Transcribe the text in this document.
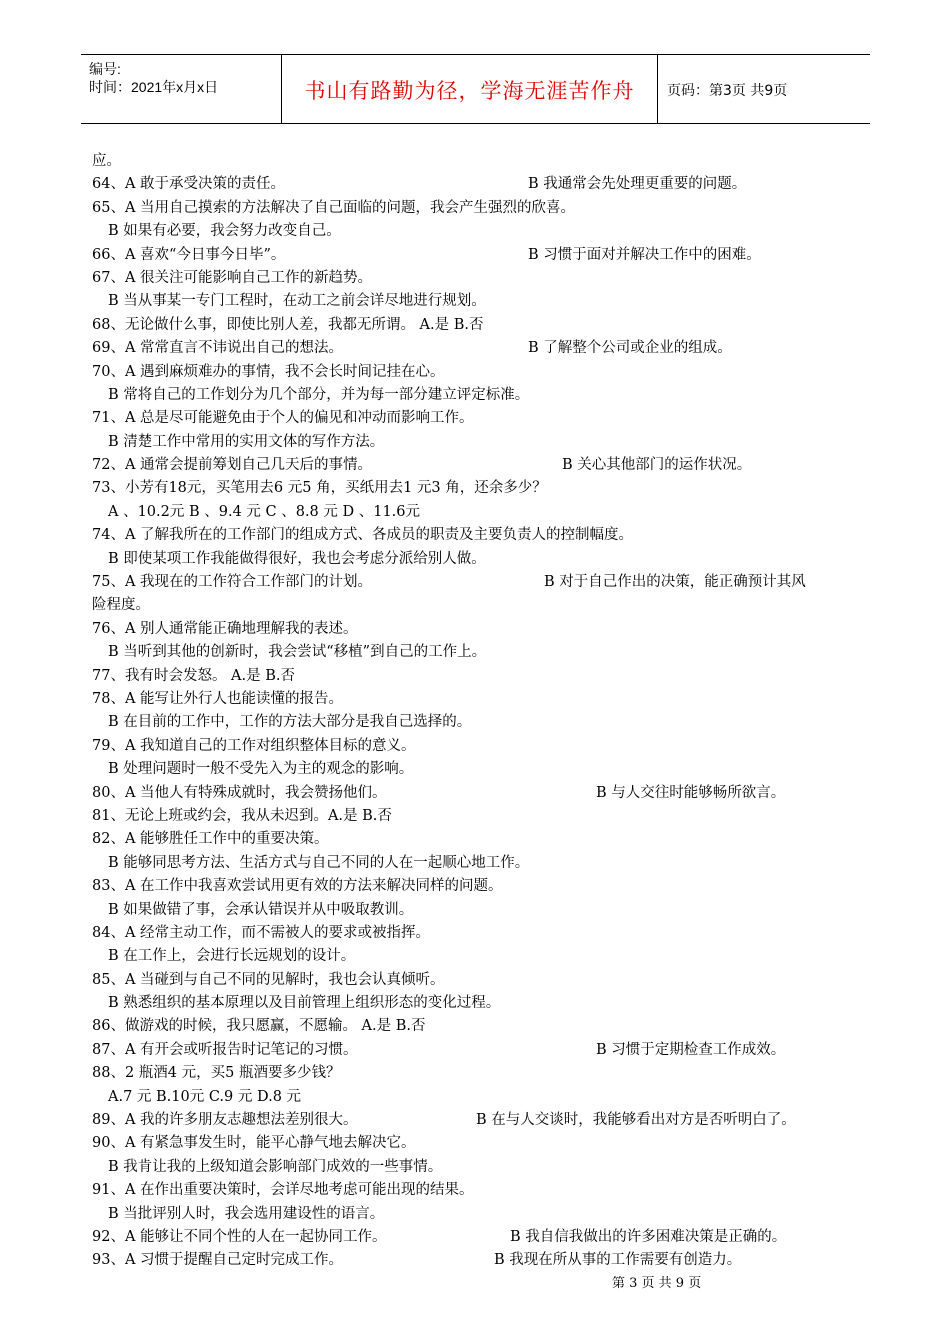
编号:
时间：2021年x月x日	书山有路勤为径，学海无涯苦作舟	页码：第3页 共9页
应。
64、A 敢于承受决策的责任。	B 我通常会先处理更重要的问题。
65、A 当用自己摸索的方法解决了自己面临的问题，我会产生强烈的欣喜。
B 如果有必要，我会努力改变自己。
66、A 喜欢“今日事今日毕”。	B 习惯于面对并解决工作中的困难。
67、A 很关注可能影响自己工作的新趋势。
B 当从事某一专门工程时，在动工之前会详尽地进行规划。
68、无论做什么事，即使比别人差，我都无所谓。 A.是 B.否
69、A 常常直言不讳说出自己的想法。	B 了解整个公司或企业的组成。
70、A 遇到麻烦难办的事情，我不会长时间记挂在心。
B 常将自己的工作划分为几个部分，并为每一部分建立评定标准。
71、A 总是尽可能避免由于个人的偏见和冲动而影响工作。
B 清楚工作中常用的实用文体的写作方法。
72、A 通常会提前筹划自己几天后的事情。	B 关心其他部门的运作状况。
73、小芳有18元，买笔用去6 元5 角，买纸用去1 元3 角，还余多少？
A 、10.2元 B 、9.4 元 C 、8.8 元 D 、11.6元
74、A 了解我所在的工作部门的组成方式、各成员的职责及主要负责人的控制幅度。
B 即使某项工作我能做得很好，我也会考虑分派给别人做。
75、A 我现在的工作符合工作部门的计划。	B 对于自己作出的决策，能正确预计其风
险程度。
76、A 别人通常能正确地理解我的表述。
B 当听到其他的创新时，我会尝试“移植”到自己的工作上。
77、我有时会发怒。 A.是 B.否
78、A 能写让外行人也能读懂的报告。
B 在目前的工作中，工作的方法大部分是我自己选择的。
79、A 我知道自己的工作对组织整体目标的意义。
B 处理问题时一般不受先入为主的观念的影响。
80、A 当他人有特殊成就时，我会赞扬他们。	B 与人交往时能够畅所欲言。
81、无论上班或约会，我从未迟到。A.是 B.否
82、A 能够胜任工作中的重要决策。
B 能够同思考方法、生活方式与自己不同的人在一起顺心地工作。
83、A 在工作中我喜欢尝试用更有效的方法来解决同样的问题。
B 如果做错了事，会承认错误并从中吸取教训。
84、A 经常主动工作，而不需被人的要求或被指挥。
B 在工作上，会进行长远规划的设计。
85、A 当碰到与自己不同的见解时，我也会认真倾听。
B 熟悉组织的基本原理以及目前管理上组织形态的变化过程。
86、做游戏的时候，我只愿赢，不愿输。 A.是 B.否
87、A 有开会或听报告时记笔记的习惯。	B 习惯于定期检查工作成效。
88、2 瓶酒4 元，买5 瓶酒要多少钱？
A.7 元 B.10元 C.9 元 D.8 元
89、A 我的许多朋友志趣想法差别很大。	B 在与人交谈时，我能够看出对方是否听明白了。
90、A 有紧急事发生时，能平心静气地去解决它。
B 我肯让我的上级知道会影响部门成效的一些事情。
91、A 在作出重要决策时，会详尽地考虑可能出现的结果。
B 当批评别人时，我会选用建设性的语言。
92、A 能够让不同个性的人在一起协同工作。	B 我自信我做出的许多困难决策是正确的。
93、A 习惯于提醒自己定时完成工作。	B 我现在所从事的工作需要有创造力。
第 3 页 共 9 页
